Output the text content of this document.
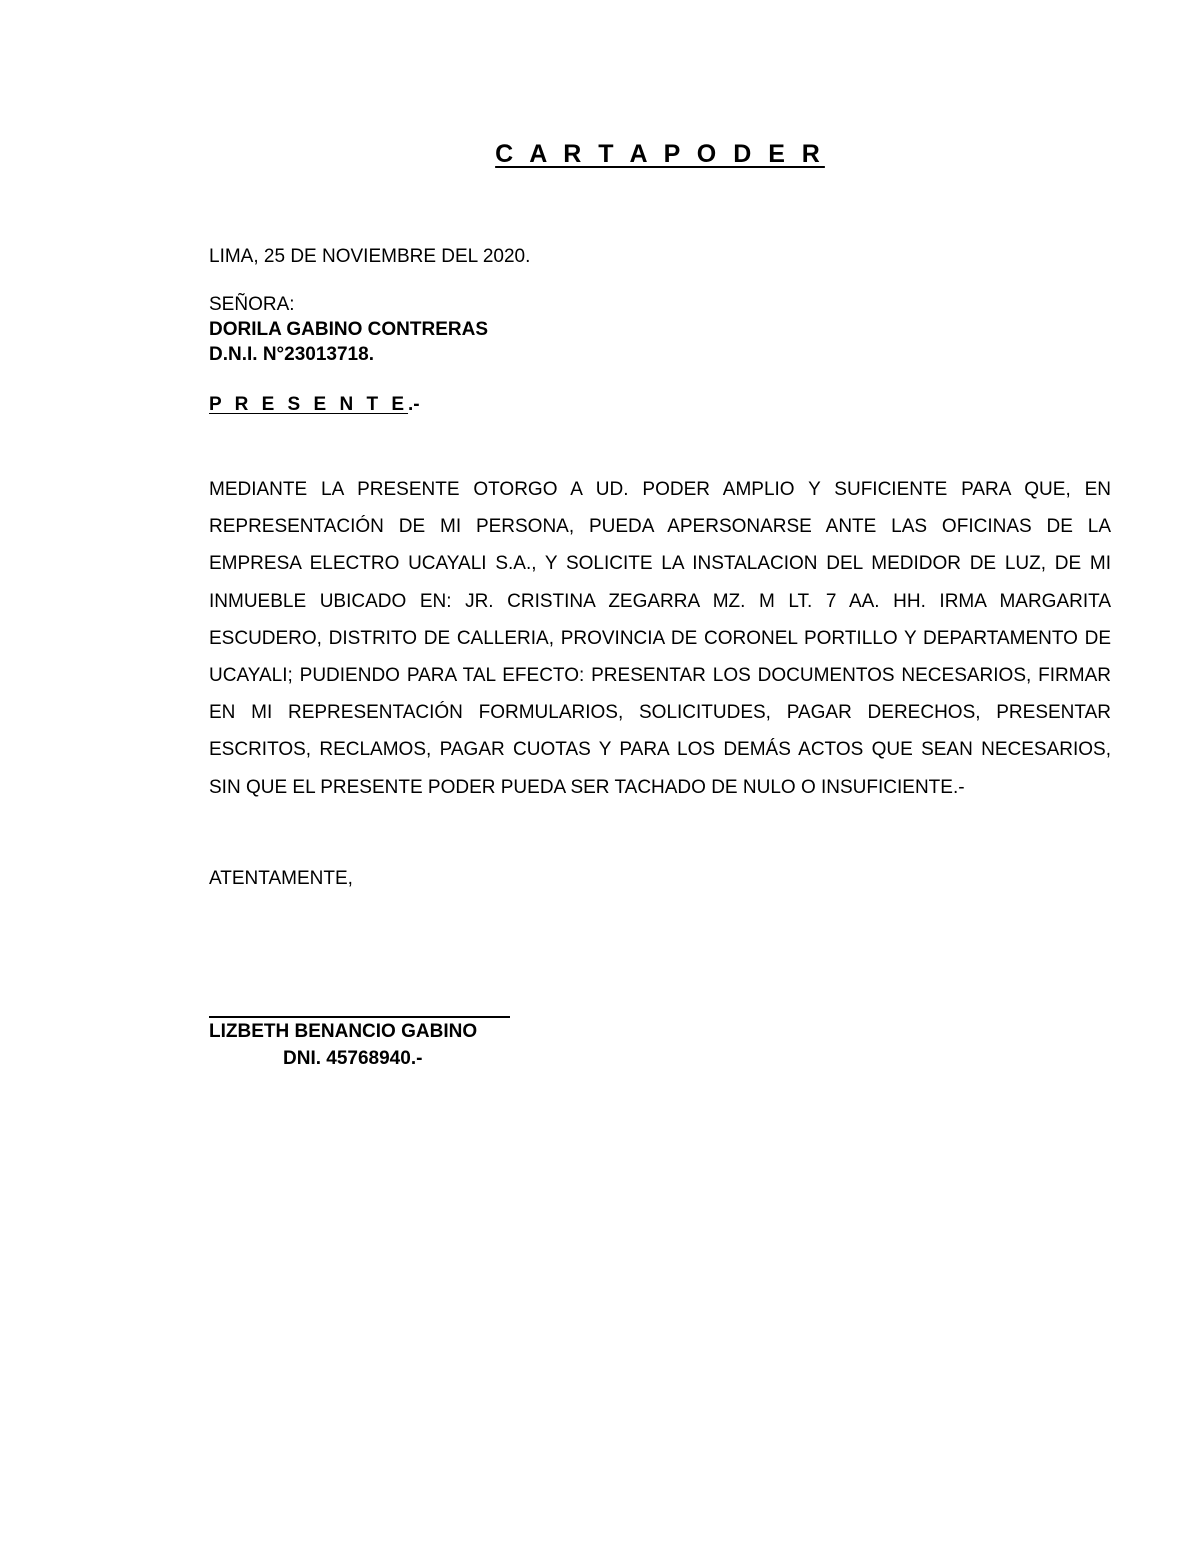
C A R T A P O D E R
LIMA, 25 DE NOVIEMBRE DEL 2020.
SEÑORA:
DORILA GABINO CONTRERAS
D.N.I. N°23013718.
P R E S E N T E.-
MEDIANTE LA PRESENTE OTORGO A UD. PODER AMPLIO Y SUFICIENTE PARA QUE, EN REPRESENTACIÓN DE MI PERSONA, PUEDA APERSONARSE ANTE LAS OFICINAS DE LA EMPRESA ELECTRO UCAYALI S.A., Y SOLICITE LA INSTALACION DEL MEDIDOR DE LUZ, DE MI INMUEBLE UBICADO EN: JR. CRISTINA ZEGARRA MZ. M LT. 7 AA. HH. IRMA MARGARITA ESCUDERO, DISTRITO DE CALLERIA, PROVINCIA DE CORONEL PORTILLO Y DEPARTAMENTO DE UCAYALI; PUDIENDO PARA TAL EFECTO: PRESENTAR LOS DOCUMENTOS NECESARIOS, FIRMAR EN MI REPRESENTACIÓN FORMULARIOS, SOLICITUDES, PAGAR DERECHOS, PRESENTAR ESCRITOS, RECLAMOS, PAGAR CUOTAS Y PARA LOS DEMÁS ACTOS QUE SEAN NECESARIOS, SIN QUE EL PRESENTE PODER PUEDA SER TACHADO DE NULO O INSUFICIENTE.-
ATENTAMENTE,
LIZBETH BENANCIO GABINO
DNI. 45768940.-
